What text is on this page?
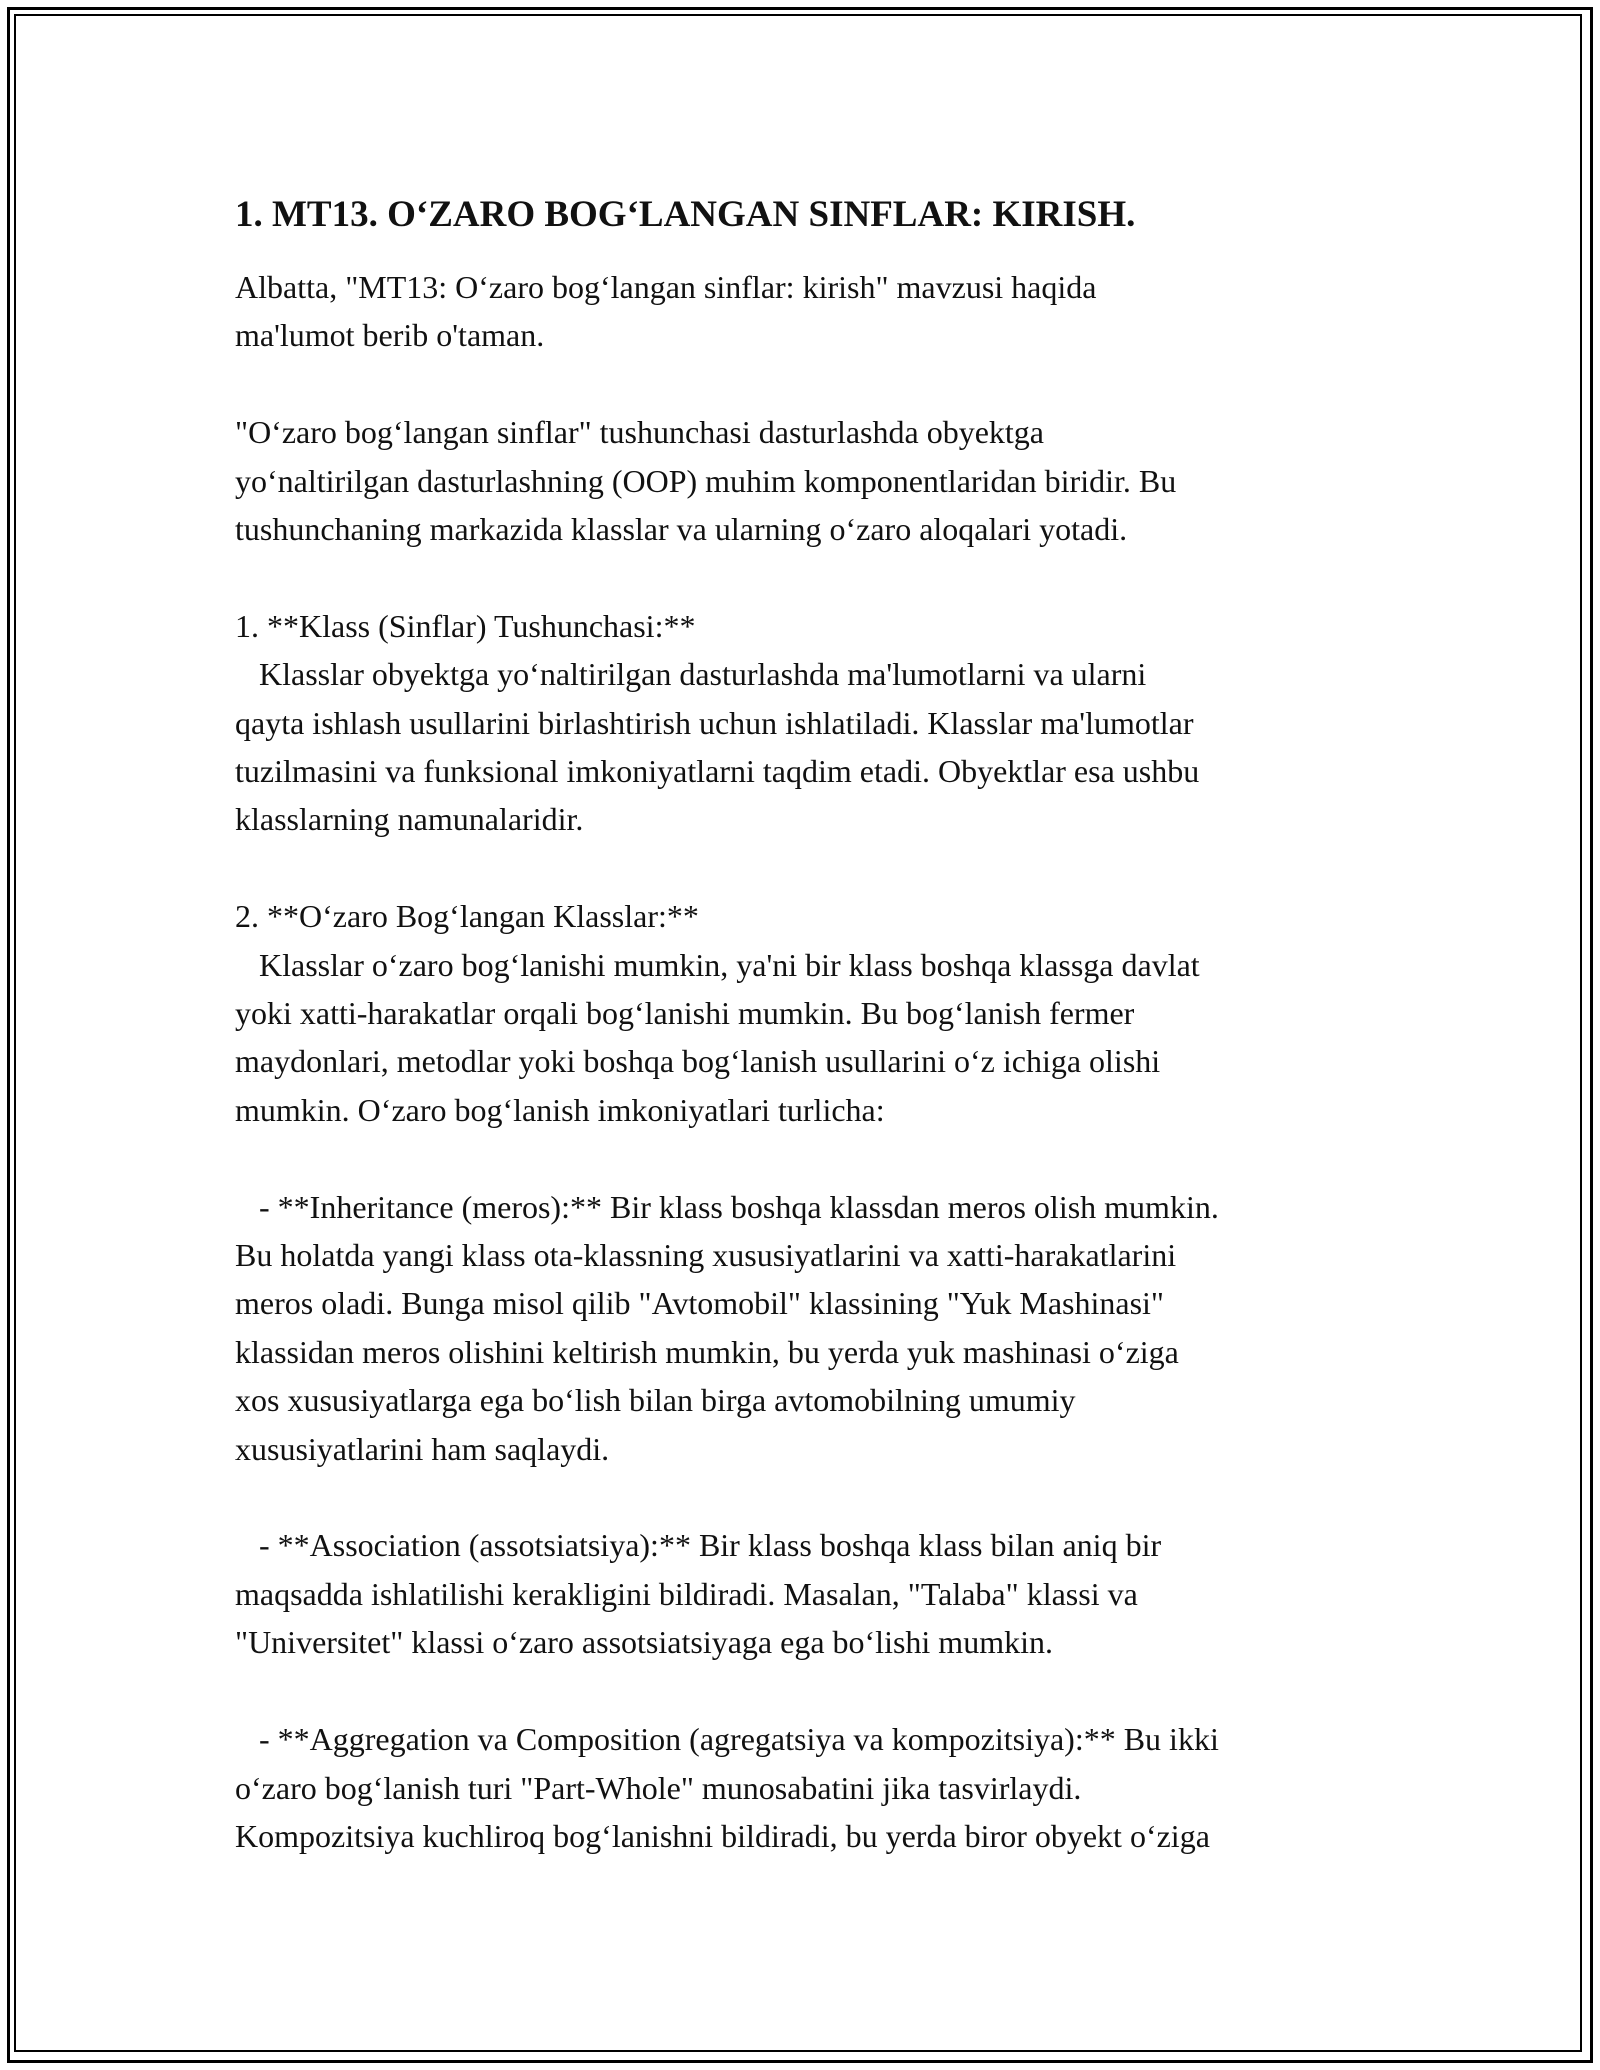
1. MT13. O‘ZARO BOG‘LANGAN SINFLAR: KIRISH.

Albatta, "MT13: O‘zaro bog‘langan sinflar: kirish" mavzusi haqida

ma'lumot berib o'taman.

"O‘zaro bog‘langan sinflar" tushunchasi dasturlashda obyektga

yo‘naltirilgan dasturlashning (OOP) muhim komponentlaridan biridir. Bu

tushunchaning markazida klasslar va ularning o‘zaro aloqalari yotadi.

1. **Klass (Sinflar) Tushunchasi:**

Klasslar obyektga yo‘naltirilgan dasturlashda ma'lumotlarni va ularni

qayta ishlash usullarini birlashtirish uchun ishlatiladi. Klasslar ma'lumotlar

tuzilmasini va funksional imkoniyatlarni taqdim etadi. Obyektlar esa ushbu

klasslarning namunalaridir.

2. **O‘zaro Bog‘langan Klasslar:**

Klasslar o‘zaro bog‘lanishi mumkin, ya'ni bir klass boshqa klassga davlat

yoki xatti-harakatlar orqali bog‘lanishi mumkin. Bu bog‘lanish fermer

maydonlari, metodlar yoki boshqa bog‘lanish usullarini o‘z ichiga olishi

mumkin. O‘zaro bog‘lanish imkoniyatlari turlicha:

- **Inheritance (meros):** Bir klass boshqa klassdan meros olish mumkin.

Bu holatda yangi klass ota-klassning xususiyatlarini va xatti-harakatlarini

meros oladi. Bunga misol qilib "Avtomobil" klassining "Yuk Mashinasi"

klassidan meros olishini keltirish mumkin, bu yerda yuk mashinasi o‘ziga

xos xususiyatlarga ega bo‘lish bilan birga avtomobilning umumiy

xususiyatlarini ham saqlaydi.

- **Association (assotsiatsiya):** Bir klass boshqa klass bilan aniq bir

maqsadda ishlatilishi kerakligini bildiradi. Masalan, "Talaba" klassi va

"Universitet" klassi o‘zaro assotsiatsiyaga ega bo‘lishi mumkin.

- **Aggregation va Composition (agregatsiya va kompozitsiya):** Bu ikki

o‘zaro bog‘lanish turi "Part-Whole" munosabatini jika tasvirlaydi.

Kompozitsiya kuchliroq bog‘lanishni bildiradi, bu yerda biror obyekt o‘ziga
